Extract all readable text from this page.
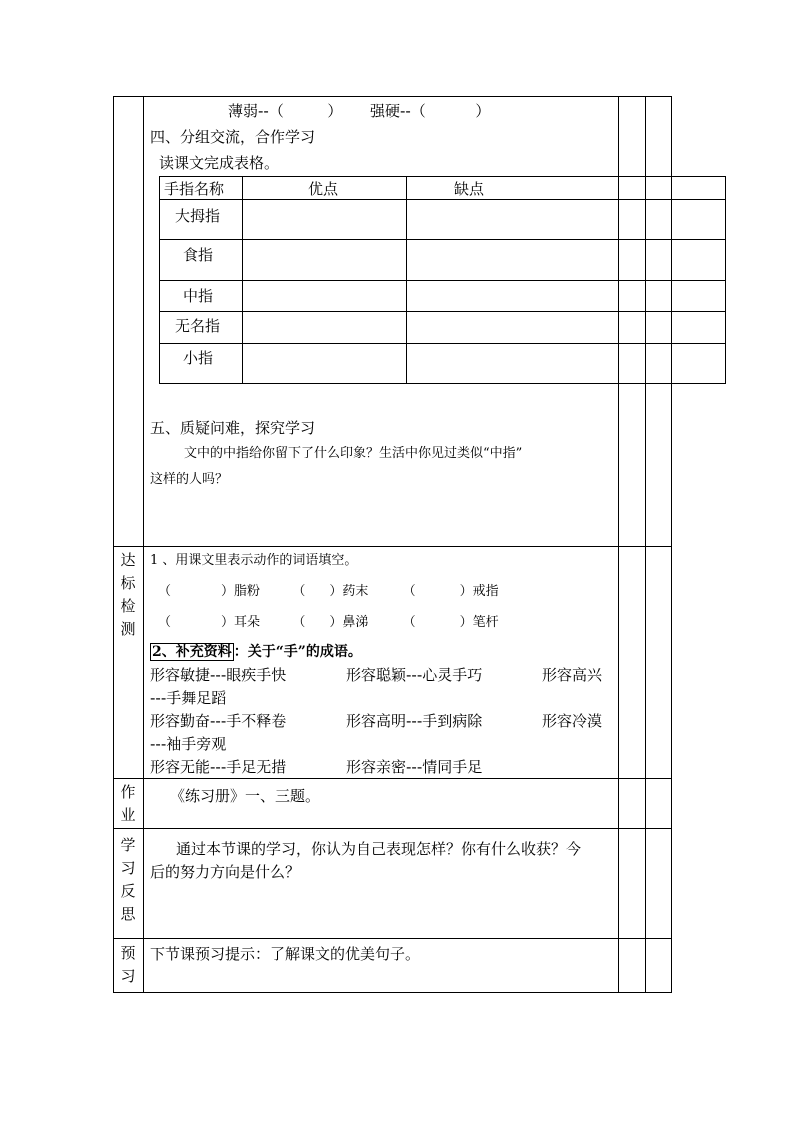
薄弱--（	） 强硬--（	）
四、分组交流，合作学习
读课文完成表格。
手指名称	优点	缺点
大拇指
食指
中指
无名指
小指
五、质疑问难，探究学习
文中的中指给你留下了什么印象？生活中你见过类似“中指”
这样的人吗？
达
标
检
测
1 、用课文里表示动作的词语填空。
（	）脂粉 （ ）药末	（	）戒指
（	）耳朵 （ ）鼻涕	（	）笔杆
2、补充资料 ：关于“手”的成语。
形容敏捷---眼疾手快	形容聪颖---心灵手巧	形容高兴
---手舞足蹈
形容勤奋---手不释卷	形容高明---手到病除	形容冷漠
---袖手旁观
形容无能---手足无措	形容亲密---情同手足
作
业
《练习册》一、三题。
学
习
反
思
通过本节课的学习，你认为自己表现怎样？你有什么收获？今
后的努力方向是什么？
预
习
下节课预习提示：了解课文的优美句子。
